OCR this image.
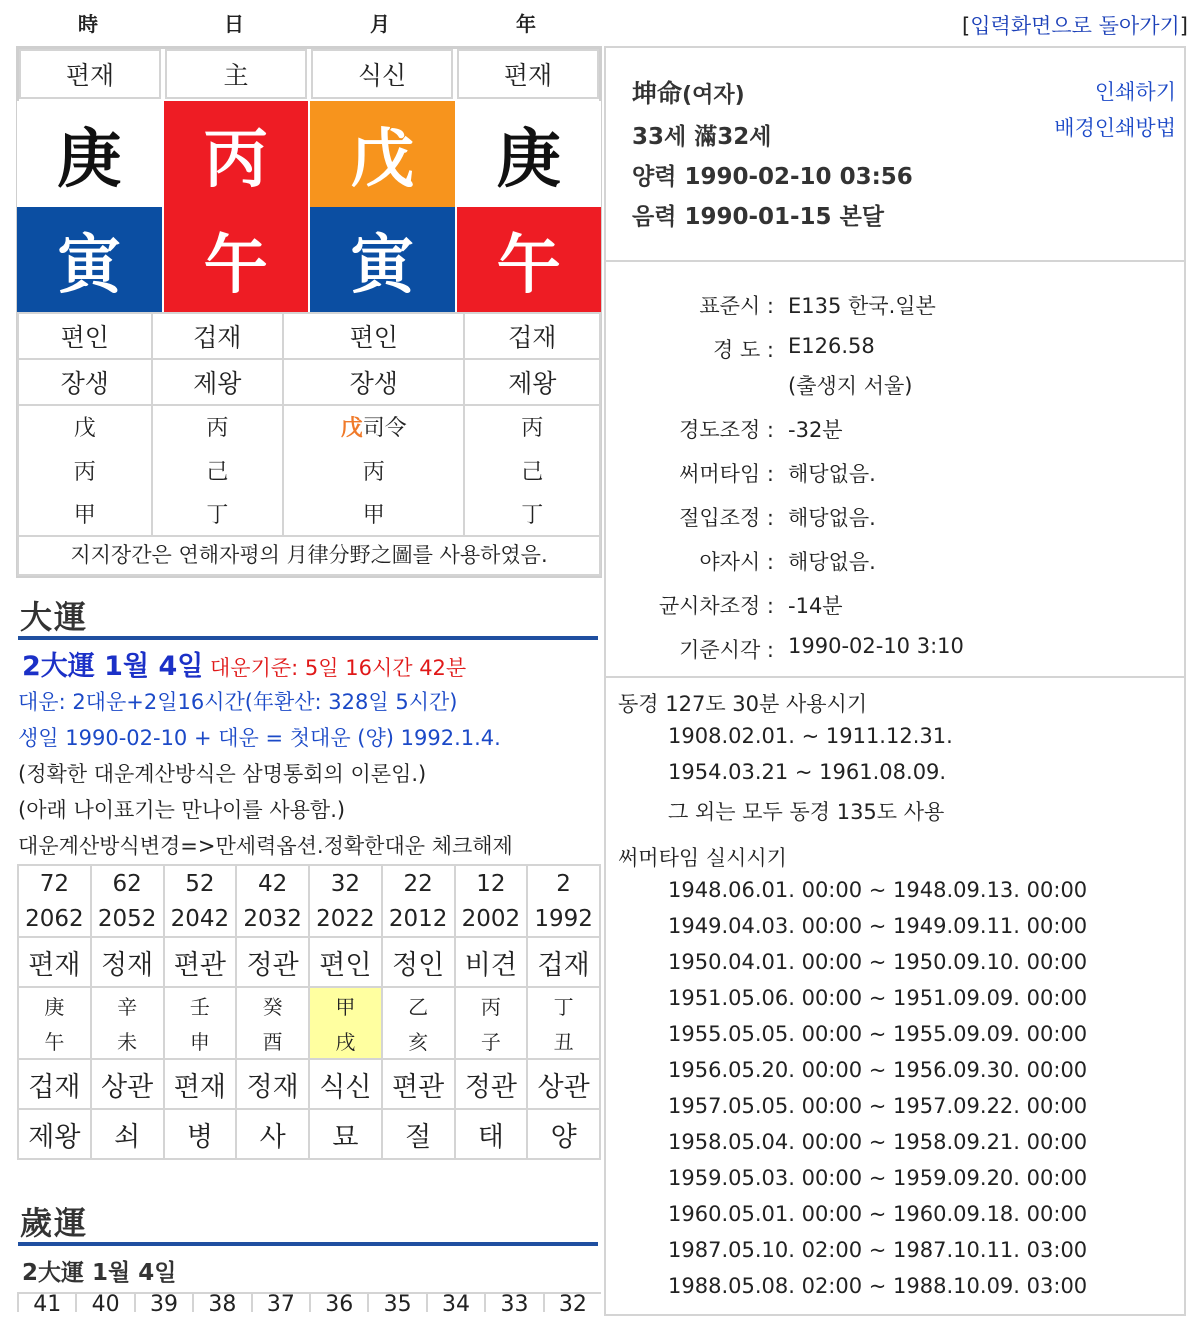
時	日	月	年	[입력화면으로 돌아가기]
편재	主	식신	편재
庚	丙	戊	庚
寅	午	寅	午
편인	겁재	편인	겁재
장생	제왕	장생	제왕
戊	丙	戊司令	丙
丙	己	丙	己
甲	丁	甲	丁
지지장간은 연해자평의 月律分野之圖를 사용하였음.
大運
2大運 1월 4일 대운기준: 5일 16시간 42분
대운: 2대운+2일16시간(年환산: 328일 5시간)
생일 1990-02-10 + 대운 = 첫대운 (양) 1992.1.4.
(정확한 대운계산방식은 삼명통회의 이론임.)
(아래 나이표기는 만나이를 사용함.)
대운계산방식변경=>만세력옵션.정확한대운 체크해제
72	62	52	42	32	22	12	2
2062	2052	2042	2032	2022	2012	2002	1992
편재	정재	편관	정관	편인	정인	비견	겁재
庚	辛	壬	癸	甲	乙	丙	丁
午	未	申	酉	戌	亥	子	丑
겁재	상관	편재	정재	식신	편관	정관	상관
제왕	쇠	병	사	묘	절	태	양
歲運
2大運 1월 4일
41	40	39	38	37	36	35	34	33	32
坤命(여자)
33세 滿32세
양력 1990-02-10 03:56
음력 1990-01-15 본달
인쇄하기
배경인쇄방법
표준시 : E135 한국.일본
경 도 : E126.58
(출생지 서울)
경도조정 : -32분
써머타임 : 해당없음.
절입조정 : 해당없음.
야자시 : 해당없음.
균시차조정 : -14분
기준시각 : 1990-02-10 3:10
동경 127도 30분 사용시기
1908.02.01. ~ 1911.12.31.
1954.03.21 ~ 1961.08.09.
그 외는 모두 동경 135도 사용
써머타임 실시시기
1948.06.01. 00:00 ~ 1948.09.13. 00:00
1949.04.03. 00:00 ~ 1949.09.11. 00:00
1950.04.01. 00:00 ~ 1950.09.10. 00:00
1951.05.06. 00:00 ~ 1951.09.09. 00:00
1955.05.05. 00:00 ~ 1955.09.09. 00:00
1956.05.20. 00:00 ~ 1956.09.30. 00:00
1957.05.05. 00:00 ~ 1957.09.22. 00:00
1958.05.04. 00:00 ~ 1958.09.21. 00:00
1959.05.03. 00:00 ~ 1959.09.20. 00:00
1960.05.01. 00:00 ~ 1960.09.18. 00:00
1987.05.10. 02:00 ~ 1987.10.11. 03:00
1988.05.08. 02:00 ~ 1988.10.09. 03:00
